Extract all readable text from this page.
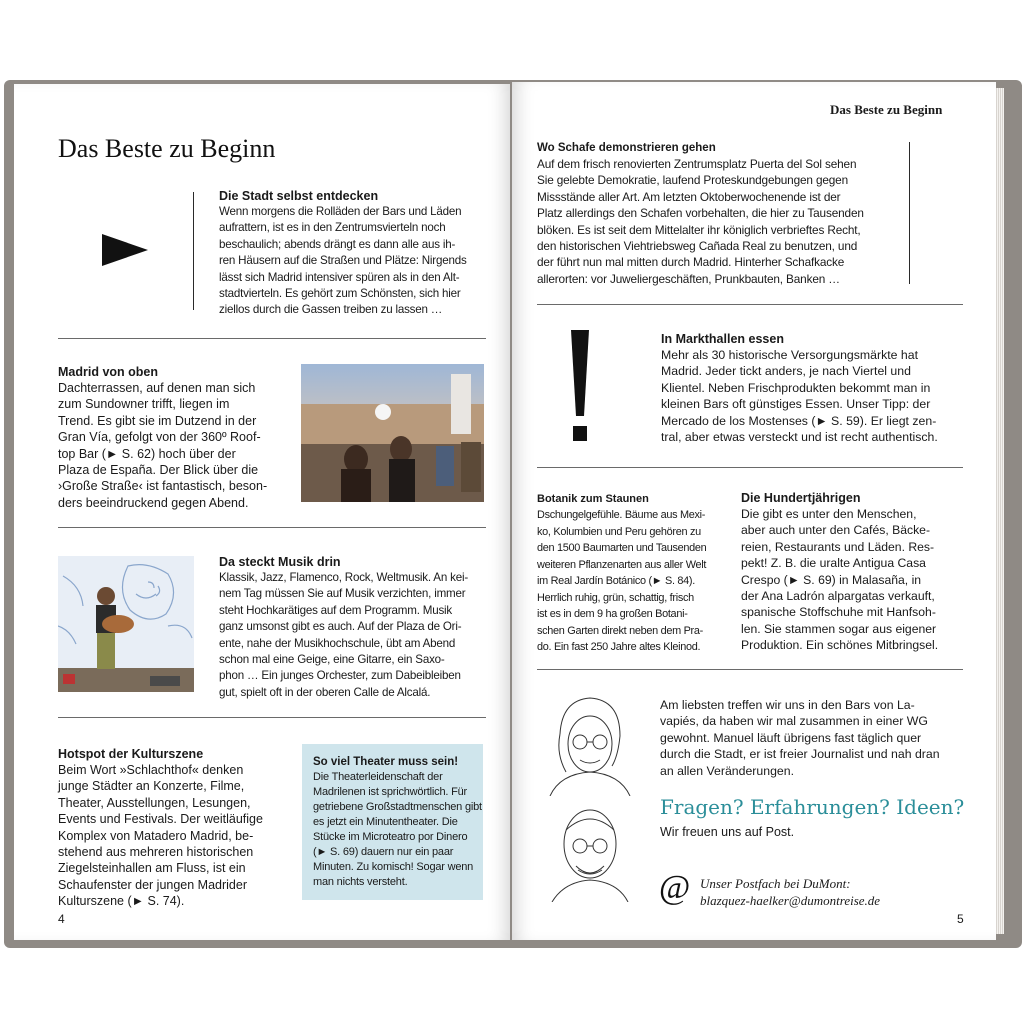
Das Beste zu Beginn
Die Stadt selbst entdecken
Wenn morgens die Rolläden der Bars und Läden
aufrattern, ist es in den Zentrumsvierteln noch
beschaulich; abends drängt es dann alle aus ih-
ren Häusern auf die Straßen und Plätze: Nirgends
lässt sich Madrid intensiver spüren als in den Alt-
stadtvierteln. Es gehört zum Schönsten, sich hier
ziellos durch die Gassen treiben zu lassen …
Madrid von oben
Dachterrassen, auf denen man sich
zum Sundowner trifft, liegen im
Trend. Es gibt sie im Dutzend in der
Gran Vía, gefolgt von der 360º Roof-
top Bar (► S. 62) hoch über der
Plaza de España. Der Blick über die
›Große Straße‹ ist fantastisch, beson-
ders beeindruckend gegen Abend.
Da steckt Musik drin
Klassik, Jazz, Flamenco, Rock, Weltmusik. An kei-
nem Tag müssen Sie auf Musik verzichten, immer
steht Hochkarätiges auf dem Programm. Musik
ganz umsonst gibt es auch. Auf der Plaza de Ori-
ente, nahe der Musikhochschule, übt am Abend
schon mal eine Geige, eine Gitarre, ein Saxo-
phon … Ein junges Orchester, zum Dabeibleiben
gut, spielt oft in der oberen Calle de Alcalá.
Hotspot der Kulturszene
Beim Wort »Schlachthof« denken
junge Städter an Konzerte, Filme,
Theater, Ausstellungen, Lesungen,
Events und Festivals. Der weitläufige
Komplex von Matadero Madrid, be-
stehend aus mehreren historischen
Ziegelsteinhallen am Fluss, ist ein
Schaufenster der jungen Madrider
Kulturszene (► S. 74).
So viel Theater muss sein!
Die Theaterleidenschaft der
Madrilenen ist sprichwörtlich. Für
getriebene Großstadtmenschen gibt
es jetzt ein Minutentheater. Die
Stücke im Microteatro por Dinero
(► S. 69) dauern nur ein paar
Minuten. Zu komisch! Sogar wenn
man nichts versteht.
4
Das Beste zu Beginn
Wo Schafe demonstrieren gehen
Auf dem frisch renovierten Zentrumsplatz Puerta del Sol sehen
Sie gelebte Demokratie, laufend Proteskundgebungen gegen
Missstände aller Art. Am letzten Oktoberwochenende ist der
Platz allerdings den Schafen vorbehalten, die hier zu Tausenden
blöken. Es ist seit dem Mittelalter ihr königlich verbrieftes Recht,
den historischen Viehtriebsweg Cañada Real zu benutzen, und
der führt nun mal mitten durch Madrid. Hinterher Schafkacke
allerorten: vor Juweliergeschäften, Prunkbauten, Banken …
In Markthallen essen
Mehr als 30 historische Versorgungsmärkte hat
Madrid. Jeder tickt anders, je nach Viertel und
Klientel. Neben Frischprodukten bekommt man in
kleinen Bars oft günstiges Essen. Unser Tipp: der
Mercado de los Mostenses (► S. 59). Er liegt zen-
tral, aber etwas versteckt und ist recht authentisch.
Botanik zum Staunen
Dschungelgefühle. Bäume aus Mexi-
ko, Kolumbien und Peru gehören zu
den 1500 Baumarten und Tausenden
weiteren Pflanzenarten aus aller Welt
im Real Jardín Botánico (► S. 84).
Herrlich ruhig, grün, schattig, frisch
ist es in dem 9 ha großen Botani-
schen Garten direkt neben dem Pra-
do. Ein fast 250 Jahre altes Kleinod.
Die Hundertjährigen
Die gibt es unter den Menschen,
aber auch unter den Cafés, Bäcke-
reien, Restaurants und Läden. Res-
pekt! Z. B. die uralte Antigua Casa
Crespo (► S. 69) in Malasaña, in
der Ana Ladrón alpargatas verkauft,
spanische Stoffschuhe mit Hanfsoh-
len. Sie stammen sogar aus eigener
Produktion. Ein schönes Mitbringsel.
Am liebsten treffen wir uns in den Bars von La-
vapiés, da haben wir mal zusammen in einer WG
gewohnt. Manuel läuft übrigens fast täglich quer
durch die Stadt, er ist freier Journalist und nah dran
an allen Veränderungen.
Fragen? Erfahrungen? Ideen?
Wir freuen uns auf Post.
@ Unser Postfach bei DuMont:
blazquez-haelker@dumontreise.de
5
